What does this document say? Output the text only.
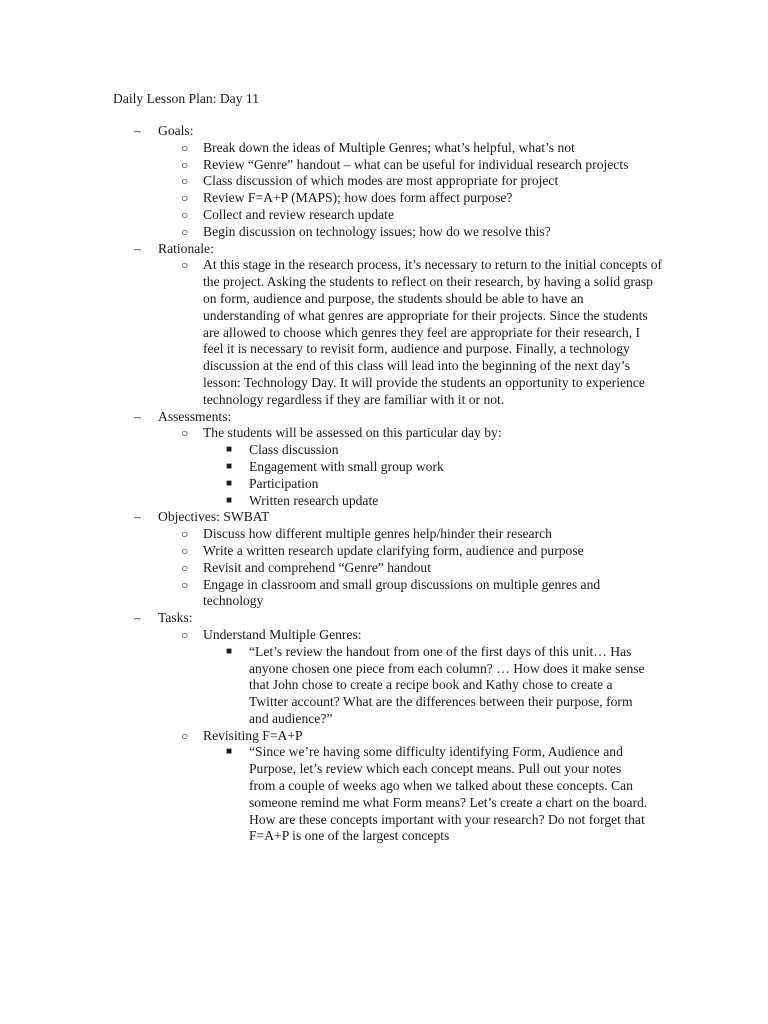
Daily Lesson Plan: Day 11
– Goals:
○ Break down the ideas of Multiple Genres; what’s helpful, what’s not
○ Review “Genre” handout – what can be useful for individual research projects
○ Class discussion of which modes are most appropriate for project
○ Review F=A+P (MAPS); how does form affect purpose?
○ Collect and review research update
○ Begin discussion on technology issues; how do we resolve this?
– Rationale:
○ At this stage in the research process, it’s necessary to return to the initial concepts of the project. Asking the students to reflect on their research, by having a solid grasp on form, audience and purpose, the students should be able to have an understanding of what genres are appropriate for their projects. Since the students are allowed to choose which genres they feel are appropriate for their research, I feel it is necessary to revisit form, audience and purpose. Finally, a technology discussion at the end of this class will lead into the beginning of the next day’s lesson: Technology Day. It will provide the students an opportunity to experience technology regardless if they are familiar with it or not.
– Assessments:
○ The students will be assessed on this particular day by:
■ Class discussion
■ Engagement with small group work
■ Participation
■ Written research update
– Objectives: SWBAT
○ Discuss how different multiple genres help/hinder their research
○ Write a written research update clarifying form, audience and purpose
○ Revisit and comprehend “Genre” handout
○ Engage in classroom and small group discussions on multiple genres and technology
– Tasks:
○ Understand Multiple Genres:
■ “Let’s review the handout from one of the first days of this unit… Has anyone chosen one piece from each column? … How does it make sense that John chose to create a recipe book and Kathy chose to create a Twitter account? What are the differences between their purpose, form and audience?”
○ Revisiting F=A+P
■ “Since we’re having some difficulty identifying Form, Audience and Purpose, let’s review which each concept means. Pull out your notes from a couple of weeks ago when we talked about these concepts. Can someone remind me what Form means? Let’s create a chart on the board. How are these concepts important with your research? Do not forget that F=A+P is one of the largest concepts
